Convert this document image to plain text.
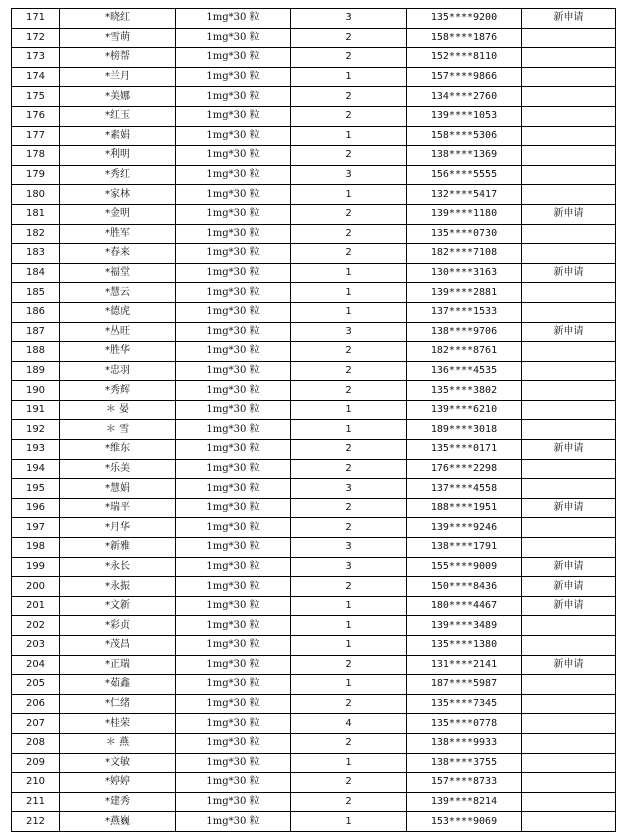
171	*晓红	1mg*30 粒	3	135****9200	新申请
172	*雪萌	1mg*30 粒	2	158****1876	
173	*榜帮	1mg*30 粒	2	152****8110	
174	*兰月	1mg*30 粒	1	157****9866	
175	*美娜	1mg*30 粒	2	134****2760	
176	*红玉	1mg*30 粒	2	139****1053	
177	*素娟	1mg*30 粒	1	158****5306	
178	*利明	1mg*30 粒	2	138****1369	
179	*秀红	1mg*30 粒	3	156****5555	
180	*家林	1mg*30 粒	1	132****5417	
181	*金明	1mg*30 粒	2	139****1180	新申请
182	*胜军	1mg*30 粒	2	135****0730	
183	*春来	1mg*30 粒	2	182****7108	
184	*福堂	1mg*30 粒	1	130****3163	新申请
185	*慧云	1mg*30 粒	1	139****2881	
186	*德虎	1mg*30 粒	1	137****1533	
187	*丛旺	1mg*30 粒	3	138****9706	新申请
188	*胜华	1mg*30 粒	2	182****8761	
189	*忠羽	1mg*30 粒	2	136****4535	
190	*秀辉	1mg*30 粒	2	135****3802	
191	＊ 晏	1mg*30 粒	1	139****6210	
192	＊ 雪	1mg*30 粒	1	189****3018	
193	*维东	1mg*30 粒	2	135****0171	新申请
194	*乐美	1mg*30 粒	2	176****2298	
195	*慧娟	1mg*30 粒	3	137****4558	
196	*瑞平	1mg*30 粒	2	188****1951	新申请
197	*月华	1mg*30 粒	2	139****9246	
198	*新雅	1mg*30 粒	3	138****1791	
199	*永长	1mg*30 粒	3	155****9009	新申请
200	*永振	1mg*30 粒	2	150****8436	新申请
201	*文新	1mg*30 粒	1	180****4467	新申请
202	*彩贞	1mg*30 粒	1	139****3489	
203	*茂昌	1mg*30 粒	1	135****1380	
204	*正瑞	1mg*30 粒	2	131****2141	新申请
205	*茹鑫	1mg*30 粒	1	187****5987	
206	*仁绪	1mg*30 粒	2	135****7345	
207	*桂荣	1mg*30 粒	4	135****0778	
208	＊ 燕	1mg*30 粒	2	138****9933	
209	*文敏	1mg*30 粒	1	138****3755	
210	*婷婷	1mg*30 粒	2	157****8733	
211	*建秀	1mg*30 粒	2	139****8214	
212	*燕巍	1mg*30 粒	1	153****9069	
